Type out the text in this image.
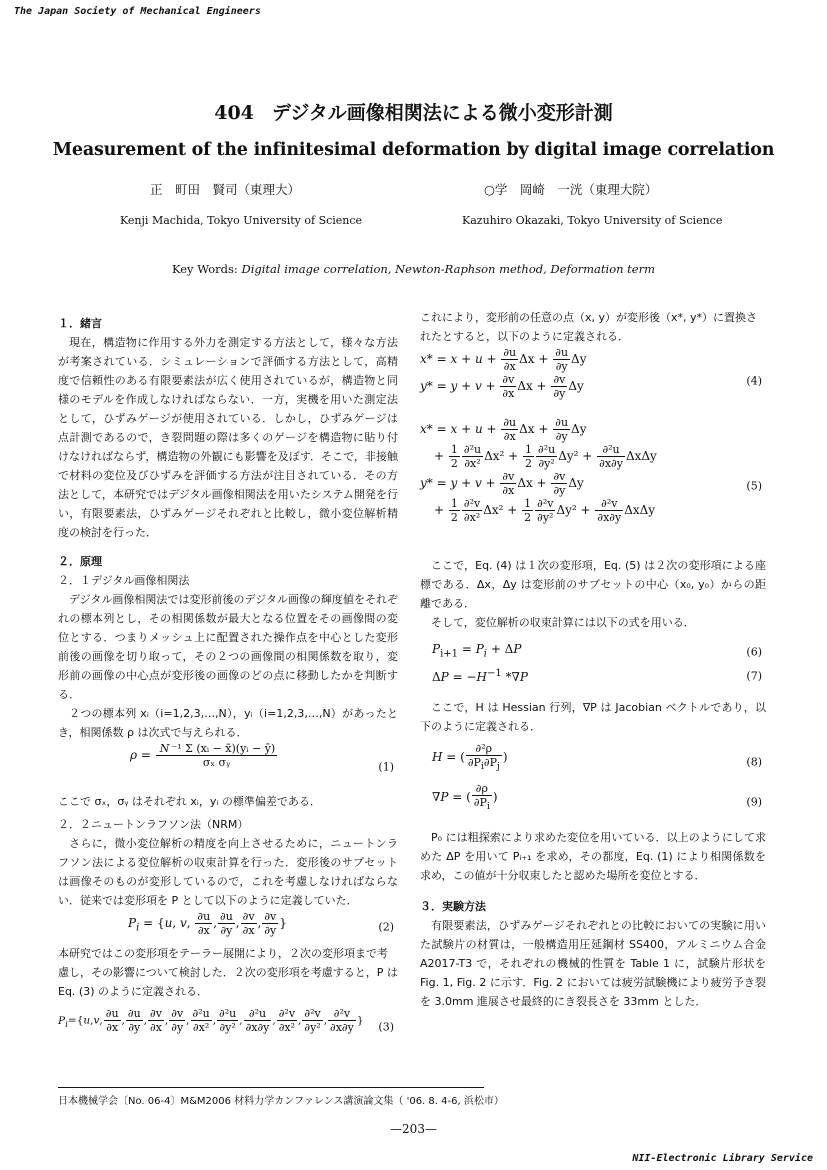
The Japan Society of Mechanical Engineers
404 デジタル画像相関法による微小変形計測
Measurement of the infinitesimal deformation by digital image correlation
正　町田　賢司（東理大）	○学　岡崎　一洸（東理大院）
Kenji Machida, Tokyo University of Science	Kazuhiro Okazaki, Tokyo University of Science
Key Words: Digital image correlation, Newton-Raphson method, Deformation term
１．緒言
現在，構造物に作用する外力を測定する方法として，様々な方法が考案されている．シミュレーションで評価する方法として，高精度で信頼性のある有限要素法が広く使用されているが，構造物と同様のモデルを作成しなければならない．一方，実機を用いた測定法として，ひずみゲージが使用されている．しかし，ひずみゲージは点計測であるので，き裂問題の際は多くのゲージを構造物に貼り付けなければならず，構造物の外観にも影響を及ぼす．そこで，非接触で材料の変位及びひずみを評価する方法が注目されている．その方法として，本研究ではデジタル画像相関法を用いたシステム開発を行い，有限要素法，ひずみゲージそれぞれと比較し，微小変位解析精度の検討を行った．
２．原理
２．１デジタル画像相関法
デジタル画像相関法では変形前後のデジタル画像の輝度値をそれぞれの標本列とし，その相関係数が最大となる位置をその画像間の変位とする．つまりメッシュ上に配置された操作点を中心とした変形前後の画像を切り取って，その２つの画像間の相関係数を取り，変形前の画像の中心点が変形後の画像のどの点に移動したかを判断する．
２つの標本列 xᵢ（i=1,2,3,…,N），yᵢ（i=1,2,3,…,N）があったとき，相関係数 ρ は次式で与えられる．
$\rho = \frac{\text{N ⁻¹ Σ (xᵢ − x̄)(yᵢ − ȳ)}}{\text{σₓ σᵧ}}$	(1)
ここで σₓ，σᵧ はそれぞれ xᵢ，yᵢ の標準偏差である．
２．２ニュートンラフソン法（NRM）
さらに，微小変位解析の精度を向上させるために，ニュートンラフソン法による変位解析の収束計算を行った．変形後のサブセットは画像そのものが変形しているので，これを考慮しなければならない．従来では変形項を P として以下のように定義していた．
$P_i = \{u$, v, $\frac{\partial u}{\partial x}$ , $\frac{\partial u}{\partial y}$ , $\frac{\partial v}{\partial x}$ , $\frac{\partial v}{\partial y}$ }	(2)
本研究ではこの変形項をテーラー展開により，２次の変形項まで考慮し，その影響について検討した．２次の変形項を考慮すると，P は Eq. (3) のように定義される．
$P_i=\{u,v$, $\frac{\partial u}{\partial x}$ , $\frac{\partial u}{\partial y}$ , $\frac{\partial v}{\partial x}$ , $\frac{\partial v}{\partial y}$ , $\frac{\text{∂²u}}{\text{∂x²}}$ , $\frac{\text{∂²u}}{\text{∂y²}}$ , $\frac{\text{∂²u}}{\partial x\partial y}$ , $\frac{\text{∂²v}}{\text{∂x²}}$ , $\frac{\text{∂²v}}{\text{∂y²}}$ , $\frac{\text{∂²v}}{\partial x\partial y}$ } (3)
これにより，変形前の任意の点（x, y）が変形後（x*, y*）に置換されたとすると，以下のように定義される．
$x* = x + u + \frac{\partial u}{\partial x}$ $\Delta x + \frac{\partial u}{\partial y}$ Δy
$y* = y + v + \frac{\partial v}{\partial x}$ $\Delta x + \frac{\partial v}{\partial y}$ Δy	(4)
$x* = x + u + \frac{\partial u}{\partial x}$ $\Delta x + \frac{\partial u}{\partial y}$ Δy
+ $\frac{1}{2} \frac{\text{∂²u}}{\text{∂x²}} \Delta x^2 + \frac{1}{2} \frac{\text{∂²u}}{\text{∂y²}} \Delta y^2 + \frac{\text{∂²u}}{\partial x\partial y}$ ΔxΔy
$y* = y + v + \frac{\partial v}{\partial x}$ $\Delta x + \frac{\partial v}{\partial y}$ Δy
+ $\frac{1}{2} \frac{\text{∂²v}}{\text{∂x²}} \Delta x^2 + \frac{1}{2} \frac{\text{∂²v}}{\text{∂y²}} \Delta y^2 + \frac{\text{∂²v}}{\partial x\partial y}$ ΔxΔy
(5)
ここで，Eq. (4) は１次の変形項，Eq. (5) は２次の変形項による座標である．Δx，Δy は変形前のサブセットの中心（x₀, y₀）からの距離である．
そして，変位解析の収束計算には以下の式を用いる．
$P_{i+1} = P_i + \Delta P$	(6)
$\Delta P = -H^{-1}$ *∇P	(7)
ここで，H は Hessian 行列，∇P は Jacobian ベクトルであり，以下のように定義される．
H = ( $\frac{\text{∂²ρ}}{\partial P_i\partial P_j}$ )	(8)
∇P = ( $\frac{\partial\rho}{\partial P_i}$ )	(9)
P₀ には粗探索により求めた変位を用いている．以上のようにして求めた ΔP を用いて Pᵢ₊₁ を求め，その都度，Eq. (1) により相関係数を求め，この値が十分収束したと認めた場所を変位とする．
３．実験方法
有限要素法，ひずみゲージそれぞれとの比較においての実験に用いた試験片の材質は，一般構造用圧延鋼材 SS400，アルミニウム合金 A2017-T3 で，それぞれの機械的性質を Table 1 に，試験片形状を Fig. 1, Fig. 2 に示す．Fig. 2 においては疲労試験機により疲労予き裂を 3.0mm 進展させ最終的にき裂長さを 33mm とした．
日本機械学会〔No. 06-4〕M&M2006 材料力学カンファレンス講演論文集（ '06. 8. 4-6, 浜松市）
—203—
NII-Electronic Library Service
